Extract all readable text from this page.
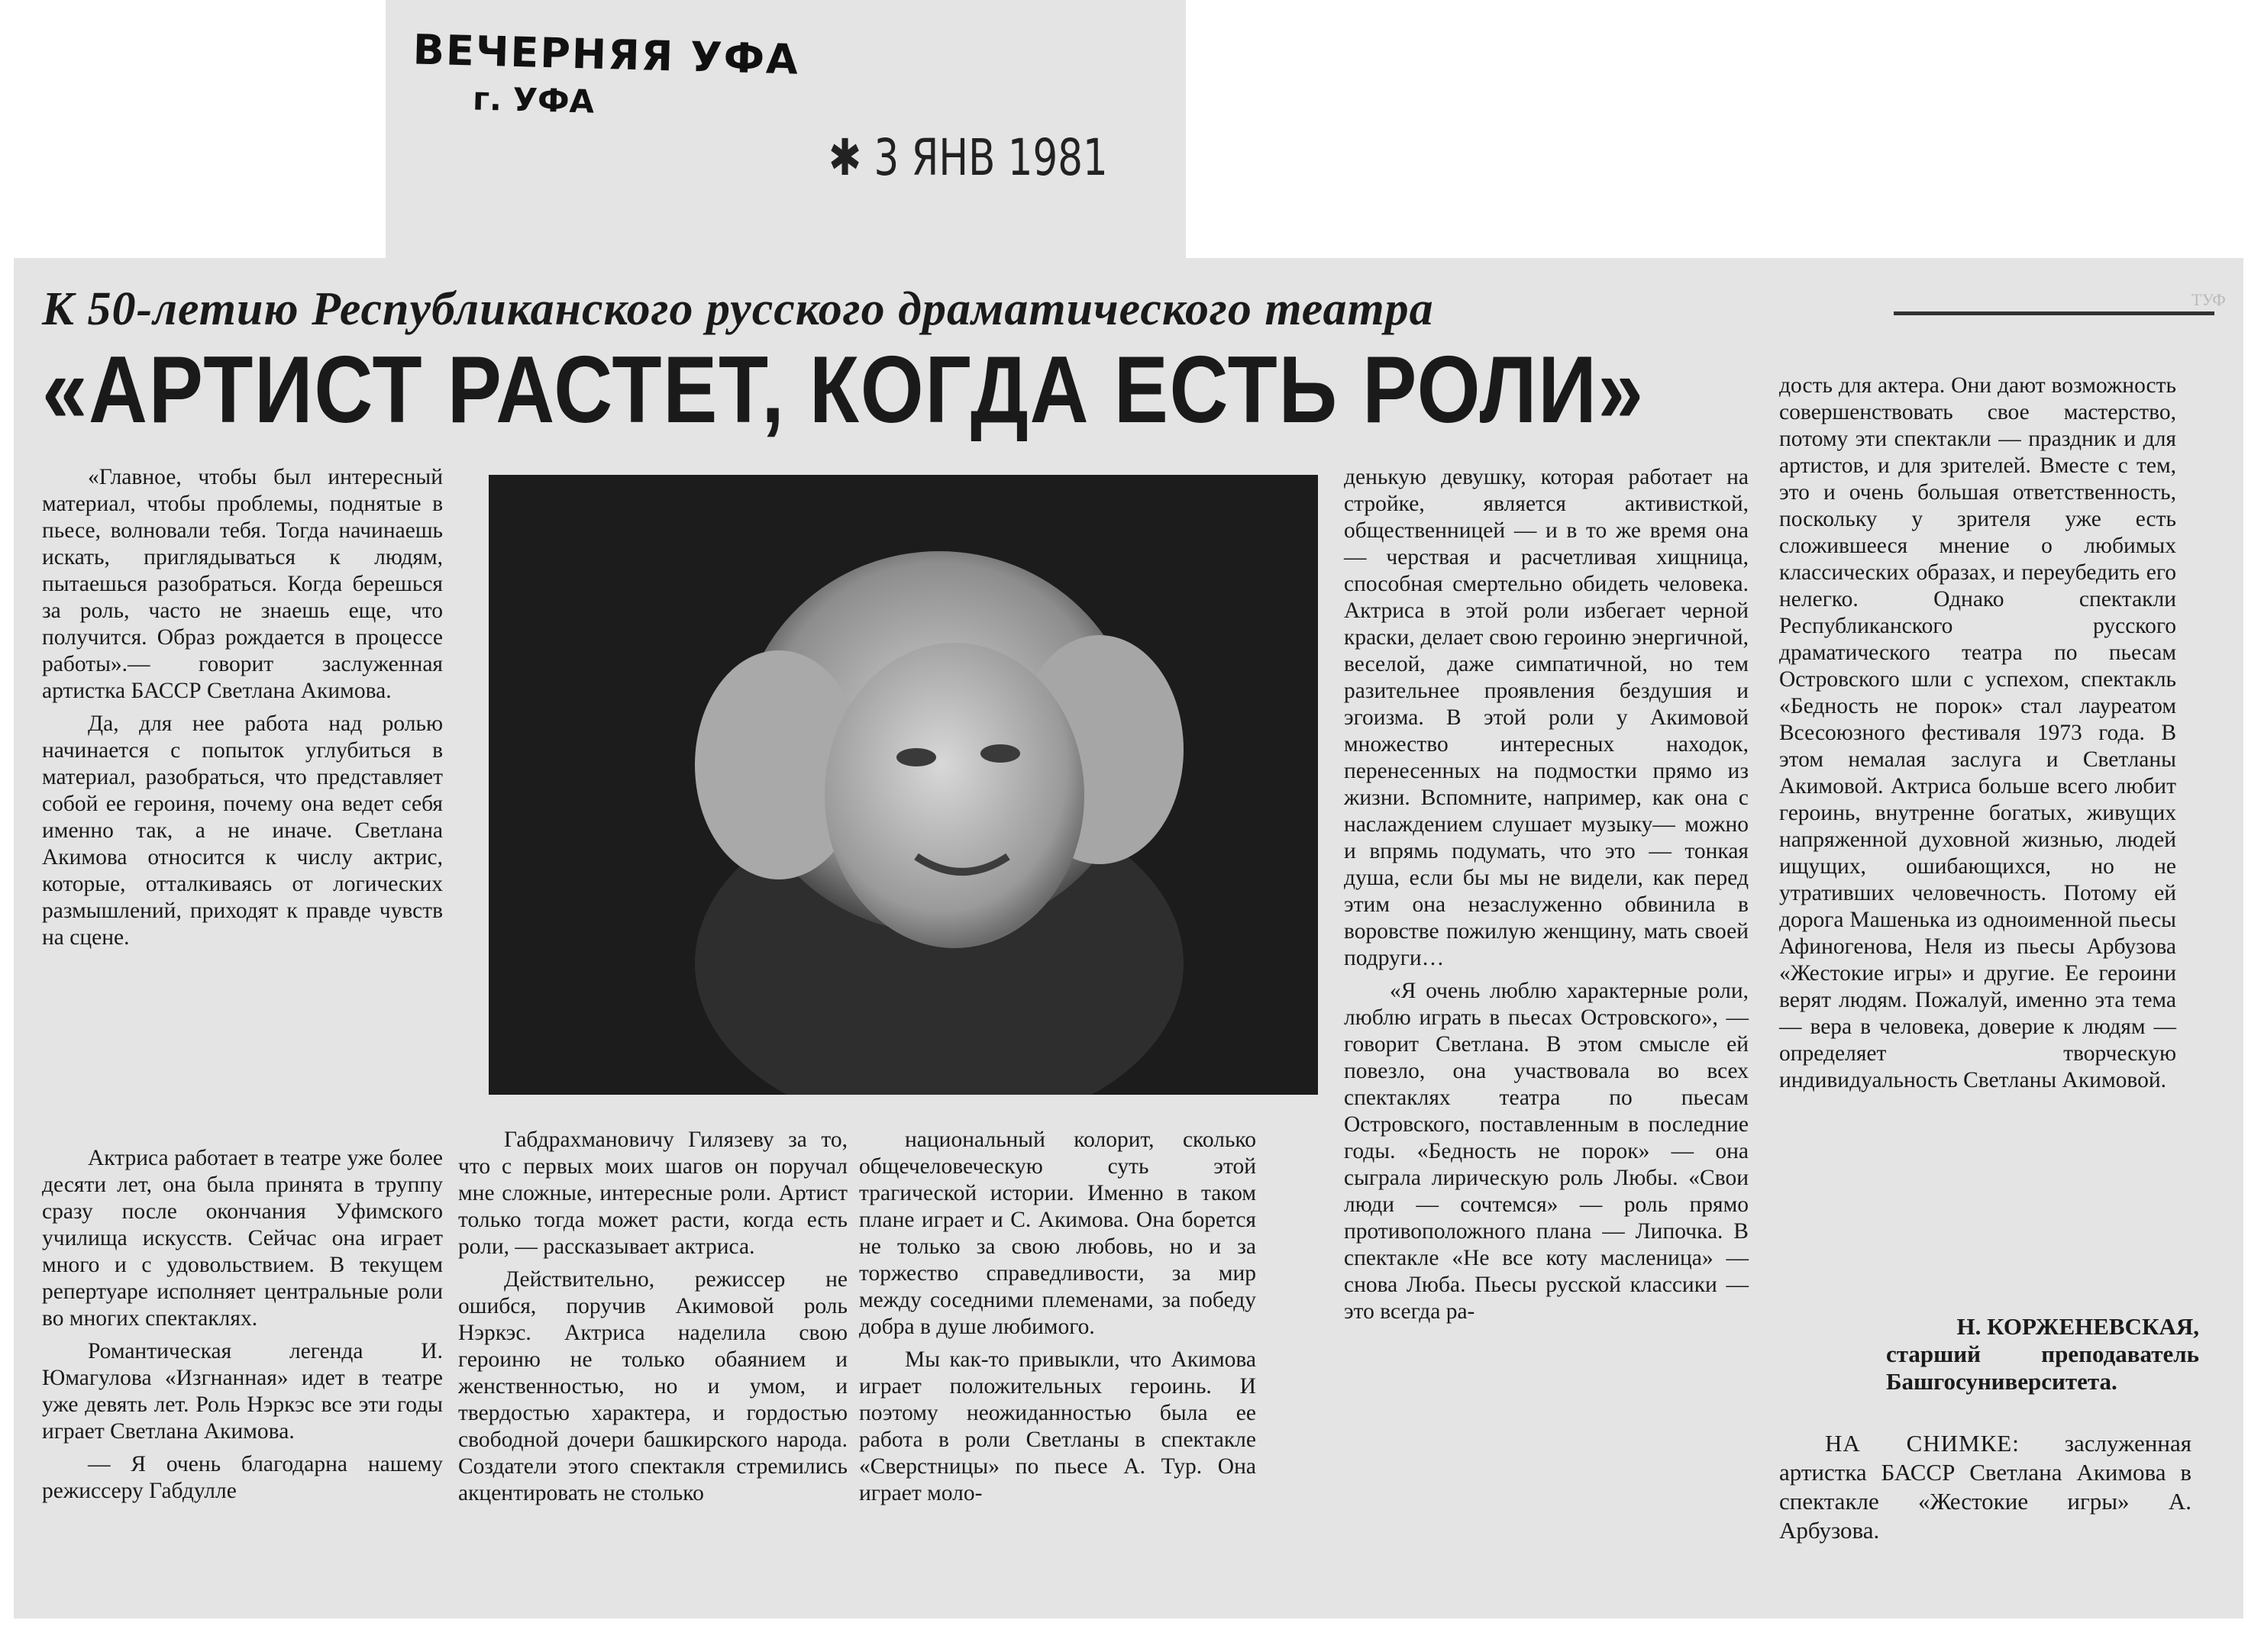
ВЕЧЕРНЯЯ УФА
г. УФА
✱ 3 ЯНВ 1981
К 50-летию Республиканского русского драматического театра
«АРТИСТ РАСТЕТ, КОГДА ЕСТЬ РОЛИ»
ТУФ

«Главное, чтобы был интересный материал, чтобы проблемы, поднятые в пьесе, волновали тебя. Тогда начинаешь искать, приглядываться к людям, пытаешься разобраться. Когда берешься за роль, часто не знаешь еще, что получится. Образ рождается в процессе работы».— говорит заслуженная артистка БАССР Светлана Акимова.

Да, для нее работа над ролью начинается с попыток углубиться в материал, разобраться, что представляет собой ее героиня, почему она ведет себя именно так, а не иначе. Светлана Акимова относится к числу актрис, которые, отталкиваясь от логических размышлений, приходят к правде чувств на сцене.

Актриса работает в театре уже более десяти лет, она была принята в труппу сразу после окончания Уфимского училища искусств. Сейчас она играет много и с удовольствием. В текущем репертуаре исполняет центральные роли во многих спектаклях.

Романтическая легенда И. Юмагулова «Изгнанная» идет в театре уже девять лет. Роль Нэркэс все эти годы играет Светлана Акимова.

— Я очень благодарна нашему режиссеру Габдулле

Габдрахмановичу Гилязеву за то, что с первых моих шагов он поручал мне сложные, интересные роли. Артист только тогда может расти, когда есть роли, — рассказывает актриса.

Действительно, режиссер не ошибся, поручив Акимовой роль Нэркэс. Актриса наделила свою героиню не только обаянием и женственностью, но и умом, и твердостью характера, и гордостью свободной дочери башкирского народа. Создатели этого спектакля стремились акцентировать не столько

национальный колорит, сколько общечеловеческую суть этой трагической истории. Именно в таком плане играет и С. Акимова. Она борется не только за свою любовь, но и за торжество справедливости, за мир между соседними племенами, за победу добра в душе любимого.

Мы как-то привыкли, что Акимова играет положительных героинь. И поэтому неожиданностью была ее работа в роли Светланы в спектакле «Сверстницы» по пьесе А. Тур. Она играет моло-

денькую девушку, которая работает на стройке, является активисткой, общественницей — и в то же время она — черствая и расчетливая хищница, способная смертельно обидеть человека. Актриса в этой роли избегает черной краски, делает свою героиню энергичной, веселой, даже симпатичной, но тем разительнее проявления бездушия и эгоизма. В этой роли у Акимовой множество интересных находок, перенесенных на подмостки прямо из жизни. Вспомните, например, как она с наслаждением слушает музыку— можно и впрямь подумать, что это — тонкая душа, если бы мы не видели, как перед этим она незаслуженно обвинила в воровстве пожилую женщину, мать своей подруги…

«Я очень люблю характерные роли, люблю играть в пьесах Островского», — говорит Светлана. В этом смысле ей повезло, она участвовала во всех спектаклях театра по пьесам Островского, поставленным в последние годы. «Бедность не порок» — она сыграла лирическую роль Любы. «Свои люди — сочтемся» — роль прямо противоположного плана — Липочка. В спектакле «Не все коту масленица» — снова Люба. Пьесы русской классики — это всегда ра-

дость для актера. Они дают возможность совершенствовать свое мастерство, потому эти спектакли — праздник и для артистов, и для зрителей. Вместе с тем, это и очень большая ответственность, поскольку у зрителя уже есть сложившееся мнение о любимых классических образах, и переубедить его нелегко. Однако спектакли Республиканского русского драматического театра по пьесам Островского шли с успехом, спектакль «Бедность не порок» стал лауреатом Всесоюзного фестиваля 1973 года. В этом немалая заслуга и Светланы Акимовой. Актриса больше всего любит героинь, внутренне богатых, живущих напряженной духовной жизнью, людей ищущих, ошибающихся, но не утративших человечность. Потому ей дорога Машенька из одноименной пьесы Афиногенова, Неля из пьесы Арбузова «Жестокие игры» и другие. Ее героини верят людям. Пожалуй, именно эта тема — вера в человека, доверие к людям — определяет творческую индивидуальность Светланы Акимовой.

Н. КОРЖЕНЕВСКАЯ,
старший преподаватель Башгосуниверситета.
НА СНИМКЕ: заслуженная артистка БАССР Светлана Акимова в спектакле «Жестокие игры» А. Арбузова.
